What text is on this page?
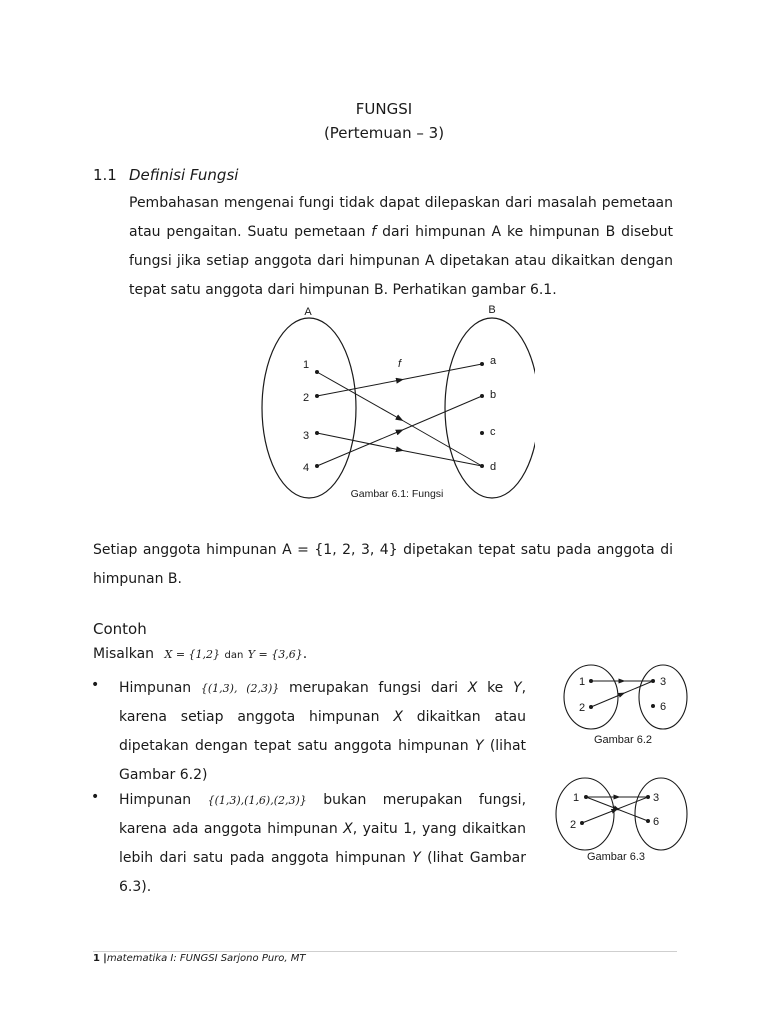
FUNGSI
(Pertemuan – 3)
1.1 Definisi Fungsi
Pembahasan mengenai fungi tidak dapat dilepaskan dari masalah pemetaan atau pengaitan. Suatu pemetaan f dari himpunan A ke himpunan B disebut fungsi jika setiap anggota dari himpunan A dipetakan atau dikaitkan dengan tepat satu anggota dari himpunan B. Perhatikan gambar 6.1.
A	B
1
2
3
4
a
b
c
d
f
Gambar 6.1: Fungsi
Setiap anggota himpunan A = {1, 2, 3, 4} dipetakan tepat satu pada anggota di himpunan B.
Contoh
Misalkan X = {1,2} dan Y = {3,6}.
• Himpunan {(1,3), (2,3)} merupakan fungsi dari X ke Y, karena setiap anggota himpunan X dikaitkan atau dipetakan dengan tepat satu anggota himpunan Y (lihat Gambar 6.2)
• Himpunan {(1,3),(1,6),(2,3)} bukan merupakan fungsi, karena ada anggota himpunan X, yaitu 1, yang dikaitkan lebih dari satu pada anggota himpunan Y (lihat Gambar 6.3).
1
2
3
6
Gambar 6.2
1
2
3
6
Gambar 6.3
1 |matematika I: FUNGSI Sarjono Puro, MT
